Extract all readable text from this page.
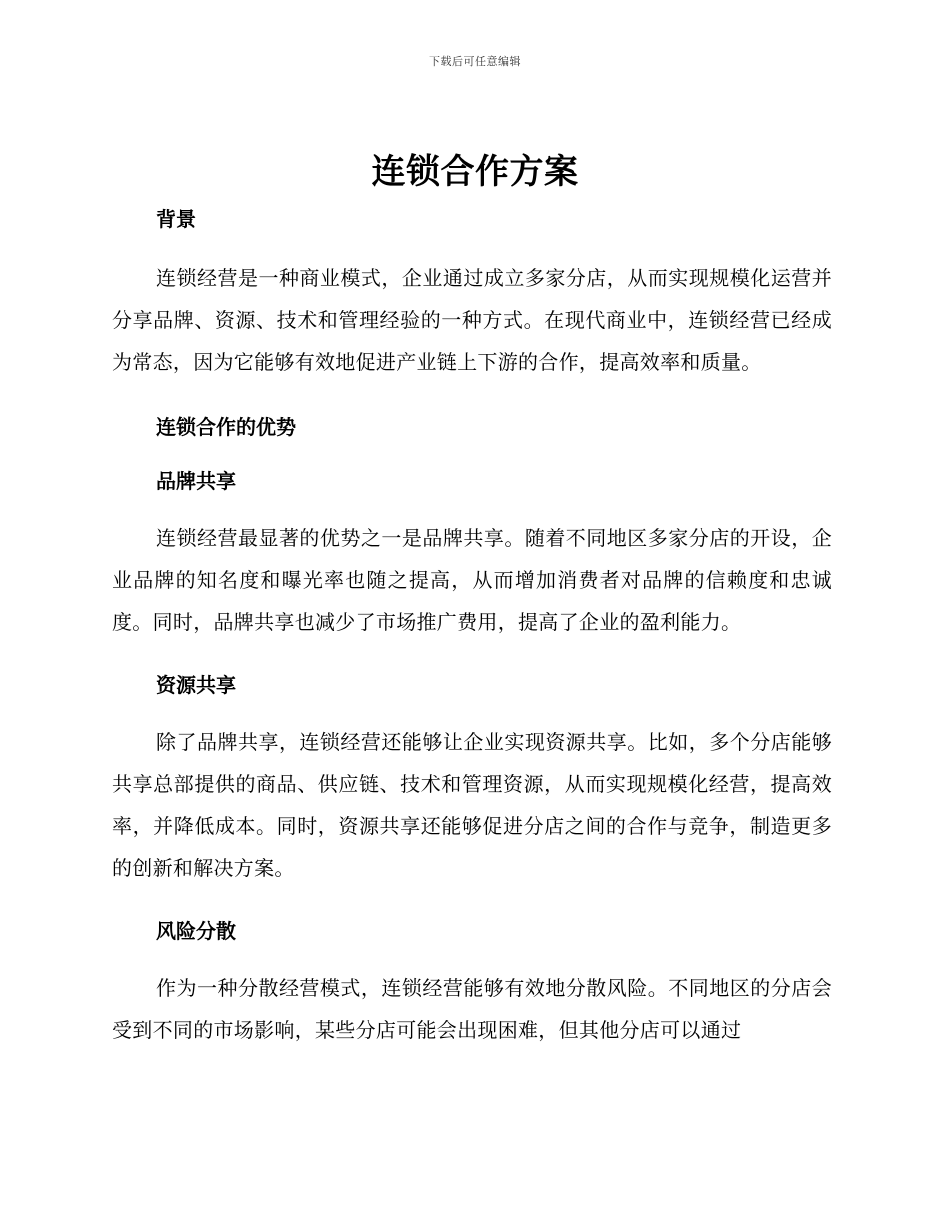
下载后可任意编辑
连锁合作方案

背景

连锁经营是一种商业模式，企业通过成立多家分店，从而实现规模化运营并分享品牌、资源、技术和管理经验的一种方式。在现代商业中，连锁经营已经成为常态，因为它能够有效地促进产业链上下游的合作，提高效率和质量。

连锁合作的优势

品牌共享

连锁经营最显著的优势之一是品牌共享。随着不同地区多家分店的开设，企业品牌的知名度和曝光率也随之提高，从而增加消费者对品牌的信赖度和忠诚度。同时，品牌共享也减少了市场推广费用，提高了企业的盈利能力。

资源共享

除了品牌共享，连锁经营还能够让企业实现资源共享。比如，多个分店能够共享总部提供的商品、供应链、技术和管理资源，从而实现规模化经营，提高效率，并降低成本。同时，资源共享还能够促进分店之间的合作与竞争，制造更多的创新和解决方案。

风险分散

作为一种分散经营模式，连锁经营能够有效地分散风险。不同地区的分店会受到不同的市场影响，某些分店可能会出现困难，但其他分店可以通过
